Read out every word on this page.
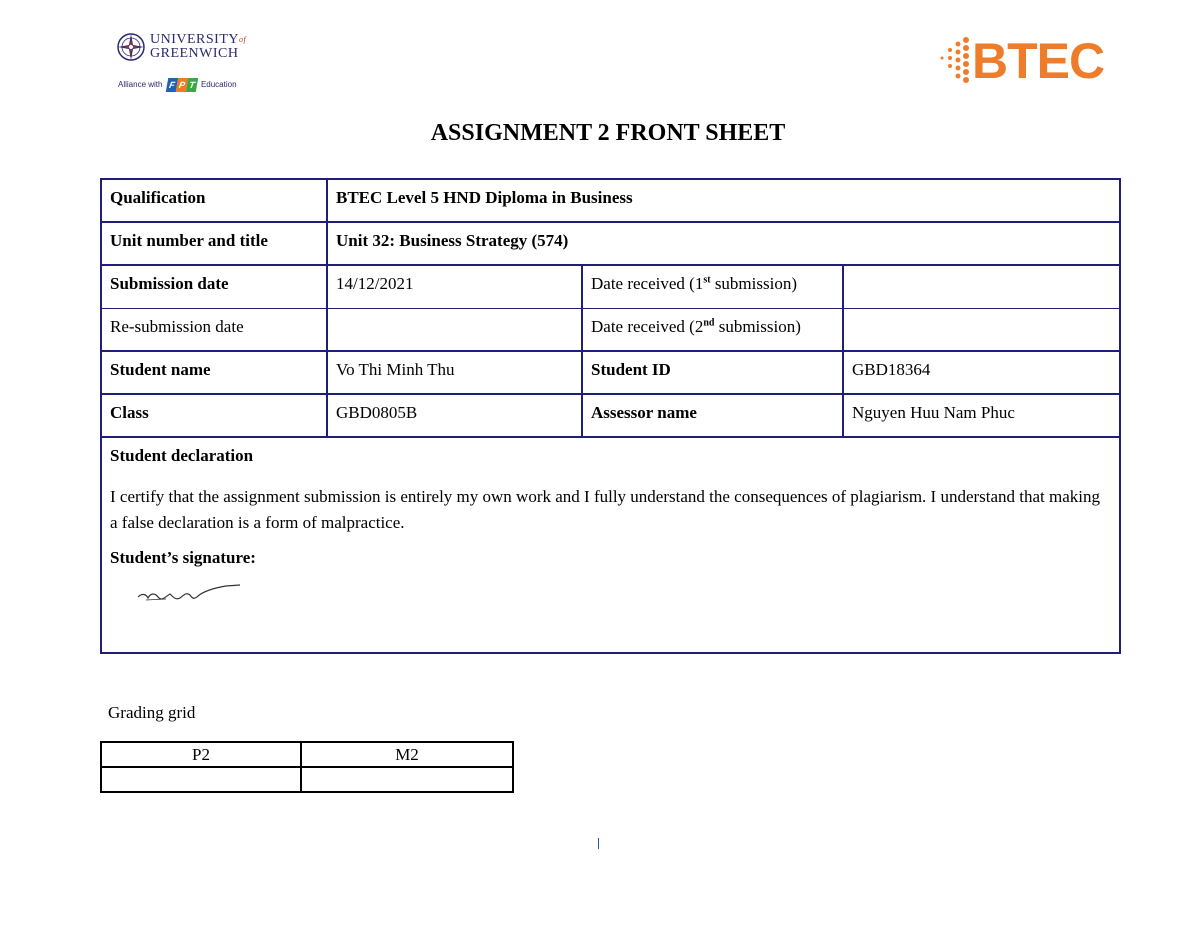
$UNIVERSITY^{of}$
GREENWICH
Alliance with F P T Education	BTEC
ASSIGNMENT 2 FRONT SHEET
Qualification	BTEC Level 5 HND Diploma in Business		
Unit number and title	Unit 32: Business Strategy (574)		
Submission date	14/12/2021	Date received (1st submission)	
Re-submission date		Date received (2nd submission)	
Student name	Vo Thi Minh Thu	Student ID	GBD18364
Class	GBD0805B	Assessor name	Nguyen Huu Nam Phuc

Student declaration
I certify that the assignment submission is entirely my own work and I fully understand the consequences of plagiarism. I understand that making a false declaration is a form of malpractice.
Student’s signature:			
Grading grid
P2	M2
